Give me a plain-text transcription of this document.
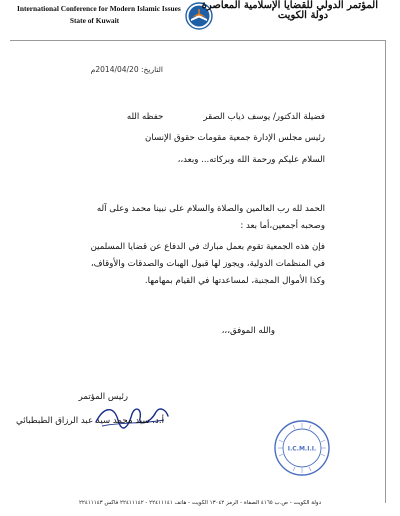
International Conference for Modern Islamic Issues
State of Kuwait
المؤتمر الدولي للقضايا الإسلامية المعاصرة
دولة الكويت
التاريخ: 2014/04/20م
فضيلة الدكتور/ يوسف ذياب الصقرحفظه الله
رئيس مجلس الإدارة جمعية مقومات حقوق الإنسان
السلام عليكم ورحمة الله وبركاته... وبعد،،
الحمد لله رب العالمين والصلاة والسلام على نبينا محمد وعلى آله
وصحبه أجمعين،أما بعد :
فإن هذه الجمعية تقوم بعمل مبارك في الدفاع عن قضايا المسلمين
في المنظمات الدولية، ويجوز لها قبول الهبات والصدقات والأوقاف،
وكذا الأموال المجنبة، لمساعدتها في القيام بمهامها.
والله الموفق،،،
رئيس المؤتمر
أ.د. سيد محمد سيد عبد الرزاق الطبطبائي
I.C.M.I.I.
دولة الكويت - ص.ب ٤١٦٥ الصفاة - الرمز ١٣٠٤٢ الكويت - هاتف ٢٢٤١١١٤١ - ٢٢٤١١١٤٢ فاكس ٢٢٤١١١٤٣
